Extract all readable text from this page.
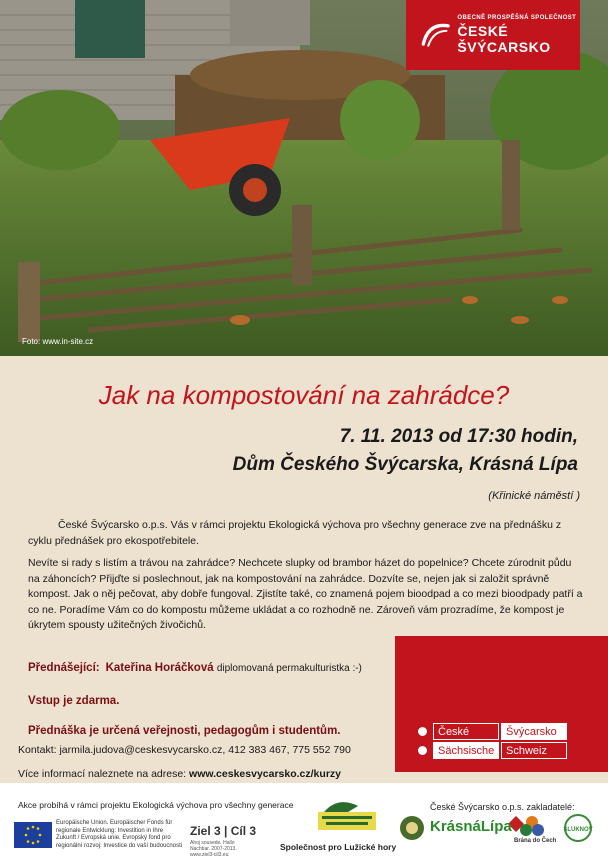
OBECNĚ PROSPĚŠNÁ SPOLEČNOST
ČESKÉ ŠVÝCARSKO
Foto: www.in-site.cz
Jak na kompostování na zahrádce?
7. 11. 2013 od 17:30 hodin,
Dům Českého Švýcarska, Krásná Lípa
(Křinické náměstí )

České Švýcarsko o.p.s. Vás v rámci projektu Ekologická výchova pro všechny generace zve na přednášku z cyklu přednášek pro ekospotřebitele.

Nevíte si rady s listím a trávou na zahrádce? Nechcete slupky od brambor házet do popelnice? Chcete zúrodnit půdu na záhoncích? Přijďte si poslechnout, jak na kompostování na zahrádce. Dozvíte se, nejen jak si založit správně kompost. Jak o něj pečovat, aby dobře fungoval. Zjistíte také, co znamená pojem bioodpad a co mezi bioodpady patří a co ne. Poradíme Vám co do kompostu můžeme ukládat a co rozhodně ne. Zároveň vám prozradíme, že kompost je úkrytem spousty užitečných živočichů.

České	Švýcarsko
Sächsische	Schweiz
Přednášející: Kateřina Horáčková diplomovaná permakulturistka :-)
Vstup je zdarma.
Přednáška je určená veřejnosti, pedagogům i studentům.
Kontakt: jarmila.judova@ceskesvycarsko.cz, 412 383 467, 775 552 790
Více informací naleznete na adrese: www.ceskesvycarsko.cz/kurzy
Akce probíhá v rámci projektu Ekologická výchova pro všechny generace	České Švýcarsko o.p.s. zakladatelé:
Europäische Union. Europäischer Fonds für regionale Entwicklung: Investition in Ihre Zukunft / Evropská unie. Evropský fond pro regionální rozvoj: Investice do vaší budoucnosti
Ziel 3 | Cíl 3
Ahoj sousede. Hallo Nachbar. 2007-2013. www.ziel3-cil3.eu
Společnost pro Lužické hory
ŠLUKNOV
KrásnáLípa
Brána do Čech
